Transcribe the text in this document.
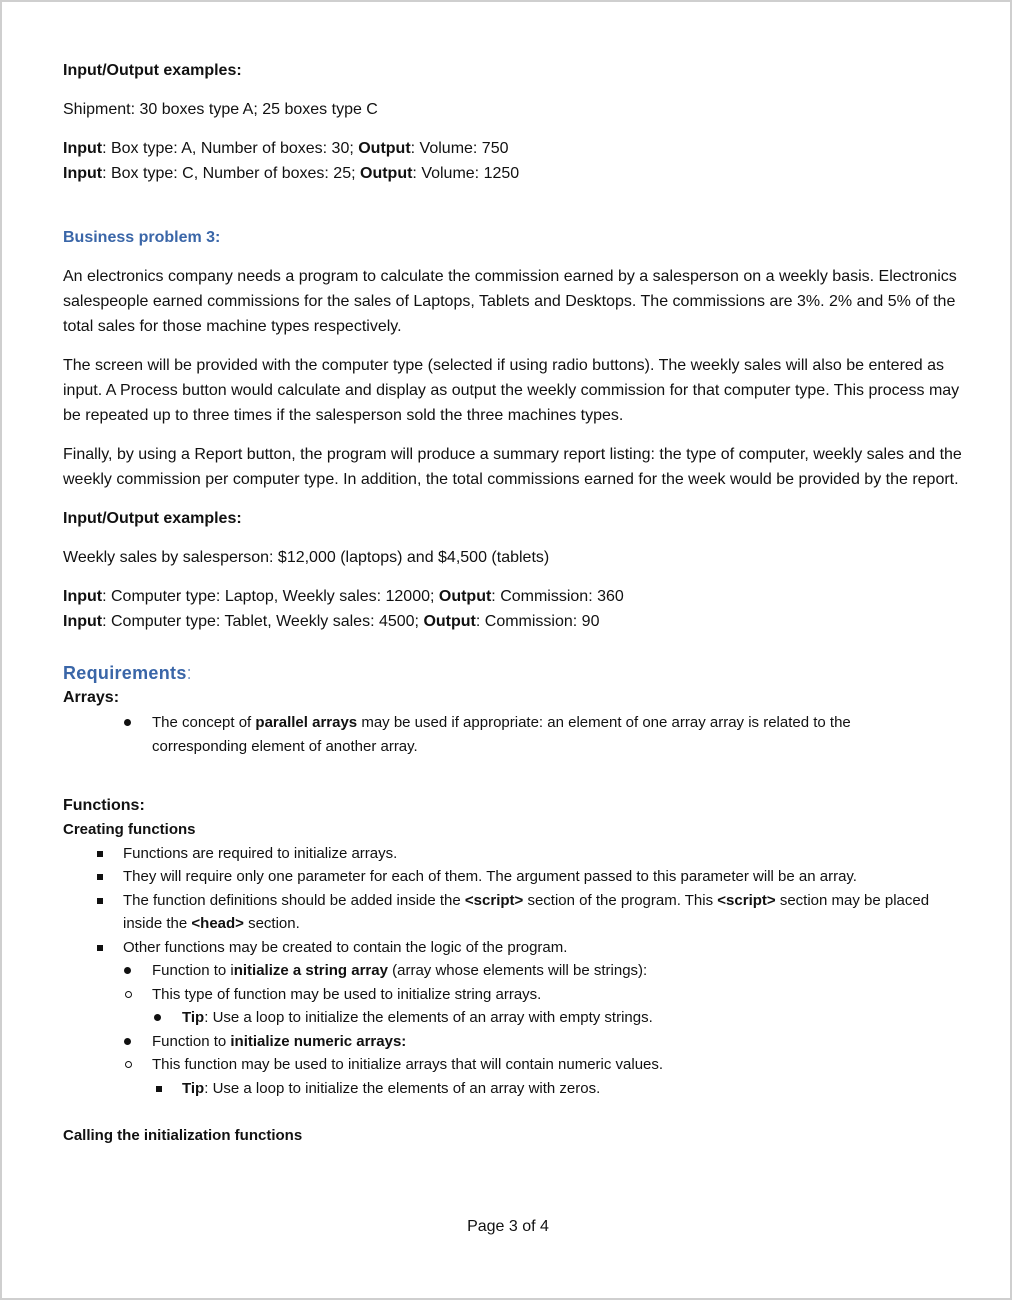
Input/Output examples:

Shipment: 30 boxes type A; 25 boxes type C

Input: Box type: A, Number of boxes: 30; Output: Volume: 750

Input: Box type: C, Number of boxes: 25; Output: Volume: 1250

Business problem 3:

An electronics company needs a program to calculate the commission earned by a salesperson on a weekly basis. Electronics salespeople earned commissions for the sales of Laptops, Tablets and Desktops. The commissions are 3%. 2% and 5% of the total sales for those machine types respectively.

The screen will be provided with the computer type (selected if using radio buttons). The weekly sales will also be entered as input. A Process button would calculate and display as output the weekly commission for that computer type. This process may be repeated up to three times if the salesperson sold the three machines types.

Finally, by using a Report button, the program will produce a summary report listing: the type of computer, weekly sales and the weekly commission per computer type. In addition, the total commissions earned for the week would be provided by the report.

Input/Output examples:

Weekly sales by salesperson: $12,000 (laptops) and $4,500 (tablets)

Input: Computer type: Laptop, Weekly sales: 12000; Output: Commission: 360

Input: Computer type: Tablet, Weekly sales: 4500; Output: Commission: 90

Requirements:

Arrays:

The concept of parallel arrays may be used if appropriate: an element of one array array is related to the corresponding element of another array.

Functions:

Creating functions

Functions are required to initialize arrays.
They will require only one parameter for each of them. The argument passed to this parameter will be an array.
The function definitions should be added inside the <script> section of the program. This <script> section may be placed inside the <head> section.
Other functions may be created to contain the logic of the program.
Function to initialize a string array (array whose elements will be strings):
This type of function may be used to initialize string arrays.
Tip: Use a loop to initialize the elements of an array with empty strings.
Function to initialize numeric arrays:
This function may be used to initialize arrays that will contain numeric values.
Tip: Use a loop to initialize the elements of an array with zeros.

Calling the initialization functions

Page 3 of 4
